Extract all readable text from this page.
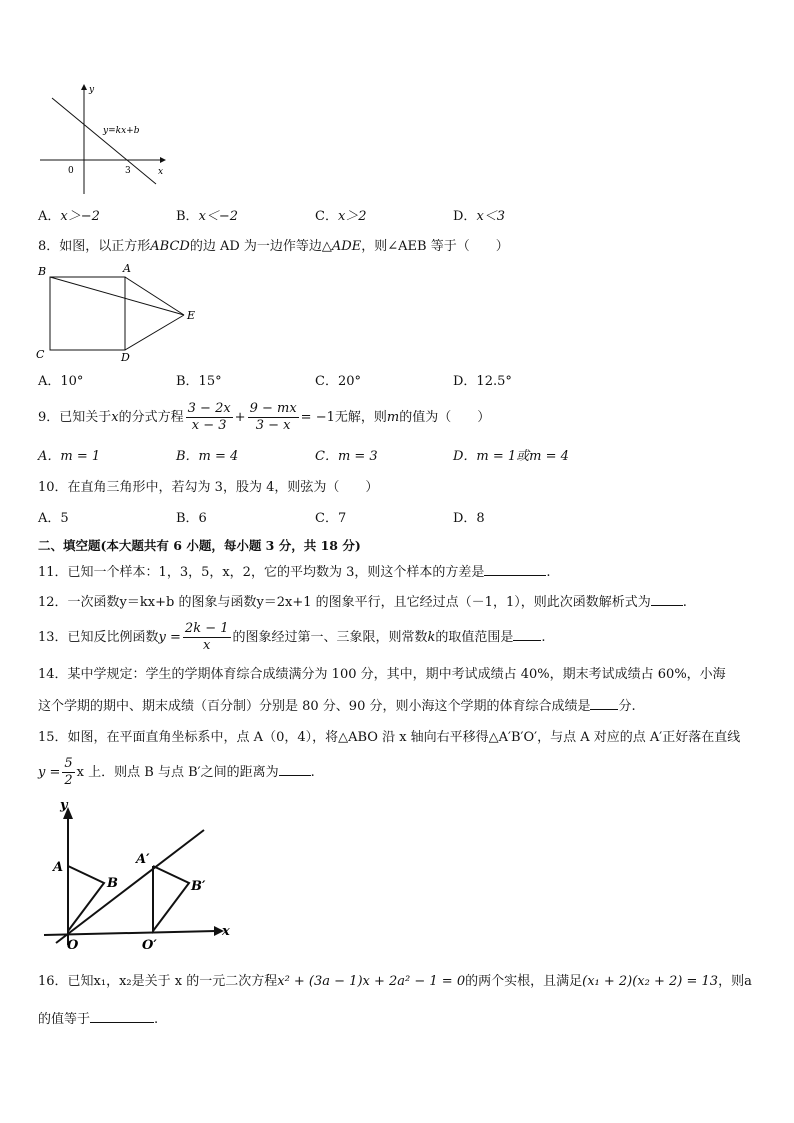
y
x
y=kx+b
0	3
A．x＞−2	B．x＜−2	C．x＞2	D．x＜3
8．如图，以正方形ABCD的边 AD 为一边作等边△ADE，则∠AEB 等于（　　）
B	A
E
C	D
A．10°	B．15°	C．20°	D．12.5°
9．已知关于x的分式方程 $\frac{3 - 2x}{x - 3} + \frac{9 - mx}{3 - x} = -1$无解，则m的值为（　　）
A．m = 1	B．m = 4	C．m = 3	D．m = 1或m = 4
10．在直角三角形中，若勾为 3，股为 4，则弦为（　　）
A．5	B．6	C．7	D．8
二、填空题(本大题共有 6 小题，每小题 3 分，共 18 分)
11．已知一个样本：1，3，5，x，2，它的平均数为 3，则这个样本的方差是	.
12．一次函数y＝kx+b 的图象与函数y＝2x+1 的图象平行，且它经过点（－1，1），则此次函数解析式为 .
13．已知反比例函数$y = \frac{2k - 1}{x}$ 的图象经过第一、三象限，则常数k的取值范围是 .
14．某中学规定：学生的学期体育综合成绩满分为 100 分，其中，期中考试成绩占 40%，期末考试成绩占 60%，小海
这个学期的期中、期末成绩（百分制）分别是 80 分、90 分，则小海这个学期的体育综合成绩是 分.
15．如图，在平面直角坐标系中，点 A（0，4），将△ABO 沿 x 轴向右平移得△A′B′O′，与点 A 对应的点 A′正好落在直线
$y = \frac{5}{2}$ x 上．则点 B 与点 B′之间的距离为 .
y
x
A
B
A′
B′
O	O′
16．已知x₁，x₂是关于 x 的一元二次方程x² + (3a − 1)x + 2a² − 1 = 0的两个实根，且满足(x₁ + 2)(x₂ + 2) = 13，则a
的值等于	.
